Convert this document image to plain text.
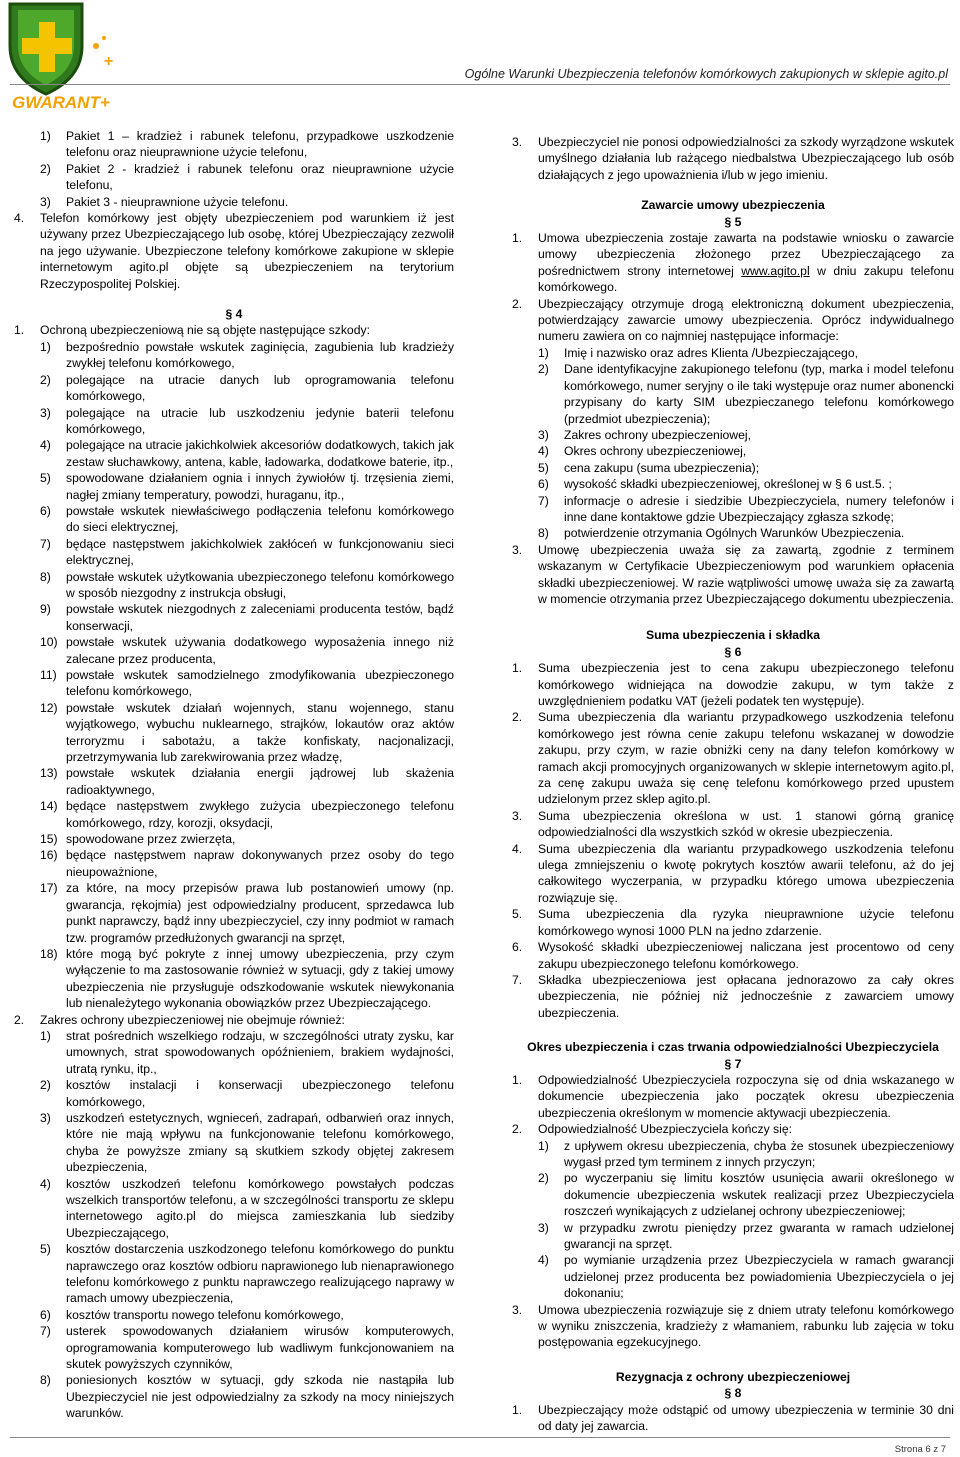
+
GWARANT+
Ogólne Warunki Ubezpieczenia telefonów komórkowych zakupionych w sklepie agito.pl
1)	Pakiet 1 – kradzież i rabunek telefonu, przypadkowe uszkodzenie telefonu oraz nieuprawnione użycie telefonu,
2)	Pakiet 2 - kradzież i rabunek telefonu oraz nieuprawnione użycie telefonu,
3)	Pakiet 3 - nieuprawnione użycie telefonu.
4.	Telefon komórkowy jest objęty ubezpieczeniem pod warunkiem iż jest używany przez Ubezpieczającego lub osobę, której Ubezpieczający zezwolił na jego używanie. Ubezpieczone telefony komórkowe zakupione w sklepie internetowym agito.pl objęte są ubezpieczeniem na terytorium Rzeczypospolitej Polskiej.
§ 4
1.	Ochroną ubezpieczeniową nie są objęte następujące szkody:
1)	bezpośrednio powstałe wskutek zaginięcia, zagubienia lub kradzieży zwykłej telefonu komórkowego,
2)	polegające na utracie danych lub oprogramowania telefonu komórkowego,
3)	polegające na utracie lub uszkodzeniu jedynie baterii telefonu komórkowego,
4)	polegające na utracie jakichkolwiek akcesoriów dodatkowych, takich jak zestaw słuchawkowy, antena, kable, ładowarka, dodatkowe baterie, itp.,
5)	spowodowane działaniem ognia i innych żywiołów tj. trzęsienia ziemi, nagłej zmiany temperatury, powodzi, huraganu, itp.,
6)	powstałe wskutek niewłaściwego podłączenia telefonu komórkowego do sieci elektrycznej,
7)	będące następstwem jakichkolwiek zakłóceń w funkcjonowaniu sieci elektrycznej,
8)	powstałe wskutek użytkowania ubezpieczonego telefonu komórkowego w sposób niezgodny z instrukcja obsługi,
9)	powstałe wskutek niezgodnych z zaleceniami producenta testów, bądź konserwacji,
10) powstałe wskutek używania dodatkowego wyposażenia innego niż zalecane przez producenta,
11) powstałe wskutek samodzielnego zmodyfikowania ubezpieczonego telefonu komórkowego,
12) powstałe wskutek działań wojennych, stanu wojennego, stanu wyjątkowego, wybuchu nuklearnego, strajków, lokautów oraz aktów terroryzmu i sabotażu, a także konfiskaty, nacjonalizacji, przetrzymywania lub zarekwirowania przez władzę,
13) powstałe wskutek działania energii jądrowej lub skażenia radioaktywnego,
14) będące następstwem zwykłego zużycia ubezpieczonego telefonu komórkowego, rdzy, korozji, oksydacji,
15) spowodowane przez zwierzęta,
16) będące następstwem napraw dokonywanych przez osoby do tego nieupoważnione,
17) za które, na mocy przepisów prawa lub postanowień umowy (np. gwarancja, rękojmia) jest odpowiedzialny producent, sprzedawca lub punkt naprawczy, bądź inny ubezpieczyciel, czy inny podmiot w ramach tzw. programów przedłużonych gwarancji na sprzęt,
18) które mogą być pokryte z innej umowy ubezpieczenia, przy czym wyłączenie to ma zastosowanie również w sytuacji, gdy z takiej umowy ubezpieczenia nie przysługuje odszkodowanie wskutek niewykonania lub nienależytego wykonania obowiązków przez Ubezpieczającego.
2.	Zakres ochrony ubezpieczeniowej nie obejmuje również:
1)	strat pośrednich wszelkiego rodzaju, w szczególności utraty zysku, kar umownych, strat spowodowanych opóźnieniem, brakiem wydajności, utratą rynku, itp.,
2)	kosztów instalacji i konserwacji ubezpieczonego telefonu komórkowego,
3)	uszkodzeń estetycznych, wgnieceń, zadrapań, odbarwień oraz innych, które nie mają wpływu na funkcjonowanie telefonu komórkowego, chyba że powyższe zmiany są skutkiem szkody objętej zakresem ubezpieczenia,
4)	kosztów uszkodzeń telefonu komórkowego powstałych podczas wszelkich transportów telefonu, a w szczególności transportu ze sklepu internetowego agito.pl do miejsca zamieszkania lub siedziby Ubezpieczającego,
5)	kosztów dostarczenia uszkodzonego telefonu komórkowego do punktu naprawczego oraz kosztów odbioru naprawionego lub nienaprawionego telefonu komórkowego z punktu naprawczego realizującego naprawy w ramach umowy ubezpieczenia,
6)	kosztów transportu nowego telefonu komórkowego,
7)	usterek spowodowanych działaniem wirusów komputerowych, oprogramowania komputerowego lub wadliwym funkcjonowaniem na skutek powyższych czynników,
8)	poniesionych kosztów w sytuacji, gdy szkoda nie nastąpiła lub Ubezpieczyciel nie jest odpowiedzialny za szkody na mocy niniejszych warunków.
3.	Ubezpieczyciel nie ponosi odpowiedzialności za szkody wyrządzone wskutek umyślnego działania lub rażącego niedbalstwa Ubezpieczającego lub osób działających z jego upoważnienia i/lub w jego imieniu.
Zawarcie umowy ubezpieczenia
§ 5
1.	Umowa ubezpieczenia zostaje zawarta na podstawie wniosku o zawarcie umowy ubezpieczenia złożonego przez Ubezpieczającego za pośrednictwem strony internetowej www.agito.pl w dniu zakupu telefonu komórkowego.
2.	Ubezpieczający otrzymuje drogą elektroniczną dokument ubezpieczenia, potwierdzający zawarcie umowy ubezpieczenia. Oprócz indywidualnego numeru zawiera on co najmniej następujące informacje:
1)	Imię i nazwisko oraz adres Klienta /Ubezpieczającego,
2)	Dane identyfikacyjne zakupionego telefonu (typ, marka i model telefonu komórkowego, numer seryjny o ile taki występuje oraz numer abonencki przypisany do karty SIM ubezpieczanego telefonu komórkowego (przedmiot ubezpieczenia);
3)	Zakres ochrony ubezpieczeniowej,
4)	Okres ochrony ubezpieczeniowej,
5)	cena zakupu (suma ubezpieczenia);
6)	wysokość składki ubezpieczeniowej, określonej w § 6 ust.5. ;
7)	informacje o adresie i siedzibie Ubezpieczyciela, numery telefonów i inne dane kontaktowe gdzie Ubezpieczający zgłasza szkodę;
8)	potwierdzenie otrzymania Ogólnych Warunków Ubezpieczenia.
3.	Umowę ubezpieczenia uważa się za zawartą, zgodnie z terminem wskazanym w Certyfikacie Ubezpieczeniowym pod warunkiem opłacenia składki ubezpieczeniowej. W razie wątpliwości umowę uważa się za zawartą w momencie otrzymania przez Ubezpieczającego dokumentu ubezpieczenia.
Suma ubezpieczenia i składka
§ 6
1.	Suma ubezpieczenia jest to cena zakupu ubezpieczonego telefonu komórkowego widniejąca na dowodzie zakupu, w tym także z uwzględnieniem podatku VAT (jeżeli podatek ten występuje).
2.	Suma ubezpieczenia dla wariantu przypadkowego uszkodzenia telefonu komórkowego jest równa cenie zakupu telefonu wskazanej w dowodzie zakupu, przy czym, w razie obniżki ceny na dany telefon komórkowy w ramach akcji promocyjnych organizowanych w sklepie internetowym agito.pl, za cenę zakupu uważa się cenę telefonu komórkowego przed upustem udzielonym przez sklep agito.pl.
3.	Suma ubezpieczenia określona w ust. 1 stanowi górną granicę odpowiedzialności dla wszystkich szkód w okresie ubezpieczenia.
4.	Suma ubezpieczenia dla wariantu przypadkowego uszkodzenia telefonu ulega zmniejszeniu o kwotę pokrytych kosztów awarii telefonu, aż do jej całkowitego wyczerpania, w przypadku którego umowa ubezpieczenia rozwiązuje się.
5.	Suma ubezpieczenia dla ryzyka nieuprawnione użycie telefonu komórkowego wynosi 1000 PLN na jedno zdarzenie.
6.	Wysokość składki ubezpieczeniowej naliczana jest procentowo od ceny zakupu ubezpieczonego telefonu komórkowego.
7.	Składka ubezpieczeniowa jest opłacana jednorazowo za cały okres ubezpieczenia, nie później niż jednocześnie z zawarciem umowy ubezpieczenia.
Okres ubezpieczenia i czas trwania odpowiedzialności Ubezpieczyciela
§ 7
1.	Odpowiedzialność Ubezpieczyciela rozpoczyna się od dnia wskazanego w dokumencie ubezpieczenia jako początek okresu ubezpieczenia ubezpieczenia określonym w momencie aktywacji ubezpieczenia.
2.	Odpowiedzialność Ubezpieczyciela kończy się:
1)	z upływem okresu ubezpieczenia, chyba że stosunek ubezpieczeniowy wygasł przed tym terminem z innych przyczyn;
2)	po wyczerpaniu się limitu kosztów usunięcia awarii określonego w dokumencie ubezpieczenia wskutek realizacji przez Ubezpieczyciela roszczeń wynikających z udzielanej ochrony ubezpieczeniowej;
3)	w przypadku zwrotu pieniędzy przez gwaranta w ramach udzielonej gwarancji na sprzęt.
4)	po wymianie urządzenia przez Ubezpieczyciela w ramach gwarancji udzielonej przez producenta bez powiadomienia Ubezpieczyciela o jej dokonaniu;
3.	Umowa ubezpieczenia rozwiązuje się z dniem utraty telefonu komórkowego w wyniku zniszczenia, kradzieży z włamaniem, rabunku lub zajęcia w toku postępowania egzekucyjnego.
Rezygnacja z ochrony ubezpieczeniowej
§ 8
1.	Ubezpieczający może odstąpić od umowy ubezpieczenia w terminie 30 dni od daty jej zawarcia.
Strona 6 z 7
